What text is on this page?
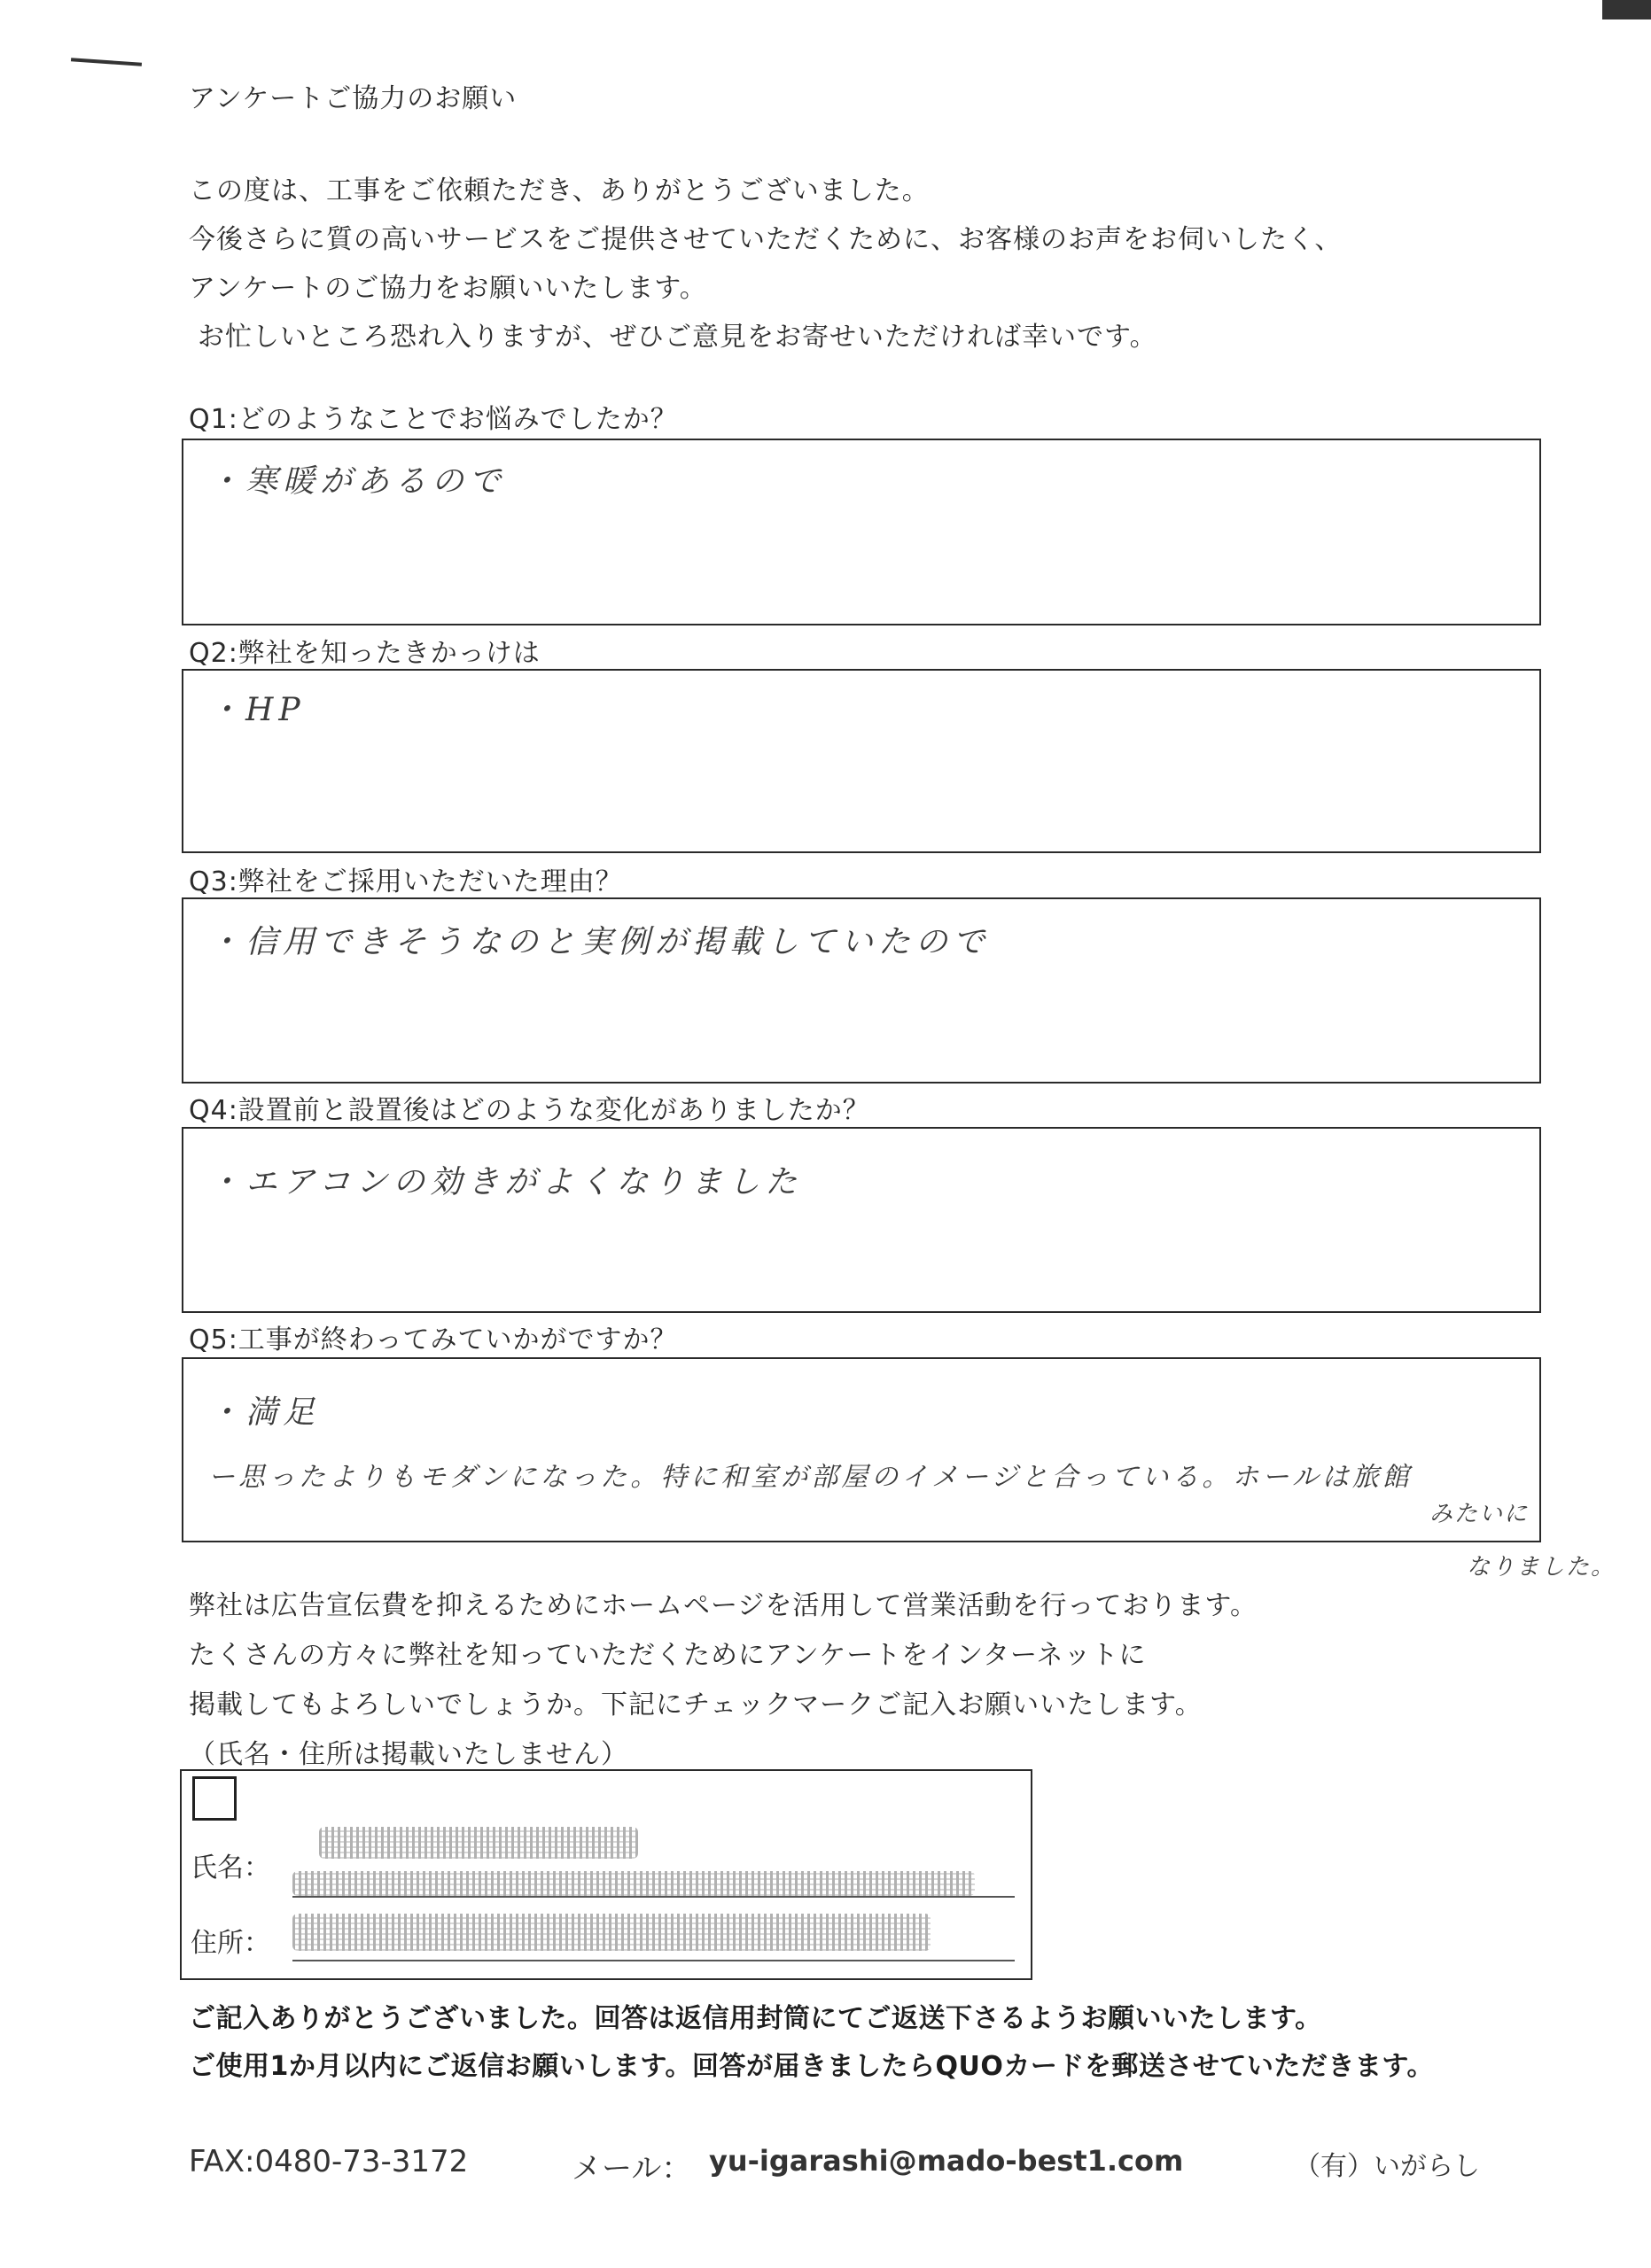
アンケートご協力のお願い
この度は、工事をご依頼ただき、ありがとうございました。
今後さらに質の高いサービスをご提供させていただくために、お客様のお声をお伺いしたく、
アンケートのご協力をお願いいたします。
お忙しいところ恐れ入りますが、ぜひご意見をお寄せいただければ幸いです。
Q1:どのようなことでお悩みでしたか？
・寒暖があるので
Q2:弊社を知ったきかっけは
・HP
Q3:弊社をご採用いただいた理由？
・信用できそうなのと実例が掲載していたので
Q4:設置前と設置後はどのような変化がありましたか？
・エアコンの効きがよくなりました
Q5:工事が終わってみていかがですか？
・満足
ー思ったよりもモダンになった。特に和室が部屋のイメージと合っている。ホールは旅館
みたいに
なりました。
弊社は広告宣伝費を抑えるためにホームページを活用して営業活動を行っております。
たくさんの方々に弊社を知っていただくためにアンケートをインターネットに
掲載してもよろしいでしょうか。下記にチェックマークご記入お願いいたします。
（氏名・住所は掲載いたしません）
氏名：
住所：
ご記入ありがとうございました。回答は返信用封筒にてご返送下さるようお願いいたします。
ご使用1か月以内にご返信お願いします。回答が届きましたらQUOカードを郵送させていただきます。
FAX:0480-73-3172	メール： yu-igarashi@mado-best1.com	（有）いがらし
